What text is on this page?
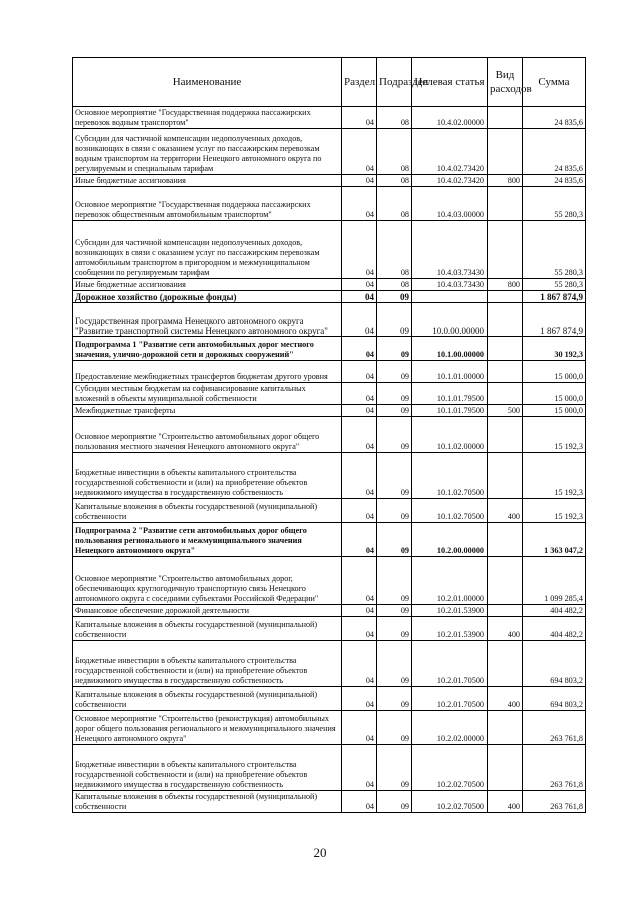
Наименование	Раздел	Подраздел	Целевая статья	Вид расходов	Сумма
Основное мероприятие "Государственная поддержка пассажирских перевозок водным транспортом"	04	08	10.4.02.00000		24 835,6
Субсидии для частичной компенсации недополученных доходов, возникающих в связи с оказанием услуг по пассажирским перевозкам водным транспортом на территории Ненецкого автономного округа по регулируемым и специальным тарифам	04	08	10.4.02.73420		24 835,6
Иные бюджетные ассигнования	04	08	10.4.02.73420	800	24 835,6
Основное мероприятие "Государственная поддержка пассажирских перевозок общественным автомобильным транспортом"	04	08	10.4.03.00000		55 280,3
Субсидии для частичной компенсации недополученных доходов, возникающих в связи с оказанием услуг по пассажирским перевозкам автомобильным транспортом в пригородном и межмуниципальном сообщении по регулируемым тарифам	04	08	10.4.03.73430		55 280,3
Иные бюджетные ассигнования	04	08	10.4.03.73430	800	55 280,3
Дорожное хозяйство (дорожные фонды)	04	09			1 867 874,9
Государственная программа Ненецкого автономного округа "Развитие транспортной системы Ненецкого автономного округа"	04	09	10.0.00.00000		1 867 874,9
Подпрограмма 1 "Развитие сети автомобильных дорог местного значения, улично-дорожной сети и дорожных сооружений"	04	09	10.1.00.00000		30 192,3
Предоставление межбюджетных трансфертов бюджетам другого уровня	04	09	10.1.01.00000		15 000,0
Субсидии местным бюджетам на софинансирование капитальных вложений в объекты муниципальной собственности	04	09	10.1.01.79500		15 000,0
Межбюджетные трансферты	04	09	10.1.01.79500	500	15 000,0
Основное мероприятие "Строительство автомобильных дорог общего пользования местного значения Ненецкого автономного округа"	04	09	10.1.02.00000		15 192,3
Бюджетные инвестиции в объекты капитального строительства государственной собственности и (или) на приобретение объектов недвижимого имущества в государственную собственность	04	09	10.1.02.70500		15 192,3
Капитальные вложения в объекты государственной (муниципальной) собственности	04	09	10.1.02.70500	400	15 192,3
Подпрограмма 2 "Развитие сети автомобильных дорог общего пользования регионального и межмуниципального значения Ненецкого автономного округа"	04	09	10.2.00.00000		1 363 047,2
Основное мероприятие "Строительство автомобильных дорог, обеспечивающих круглогодичную транспортную связь Ненецкого автономного округа с соседними субъектами Российской Федерации"	04	09	10.2.01.00000		1 099 285,4
Финансовое обеспечение дорожной деятельности	04	09	10.2.01.53900		404 482,2
Капитальные вложения в объекты государственной (муниципальной) собственности	04	09	10.2.01.53900	400	404 482,2
Бюджетные инвестиции в объекты капитального строительства государственной собственности и (или) на приобретение объектов недвижимого имущества в государственную собственность	04	09	10.2.01.70500		694 803,2
Капитальные вложения в объекты государственной (муниципальной) собственности	04	09	10.2.01.70500	400	694 803,2
Основное мероприятие "Строительство (реконструкция) автомобильных дорог общего пользования регионального и межмуниципального значения Ненецкого автономного округа"	04	09	10.2.02.00000		263 761,8
Бюджетные инвестиции в объекты капитального строительства государственной собственности и (или) на приобретение объектов недвижимого имущества в государственную собственность	04	09	10.2.02.70500		263 761,8
Капитальные вложения в объекты государственной (муниципальной) собственности	04	09	10.2.02.70500	400	263 761,8
20
